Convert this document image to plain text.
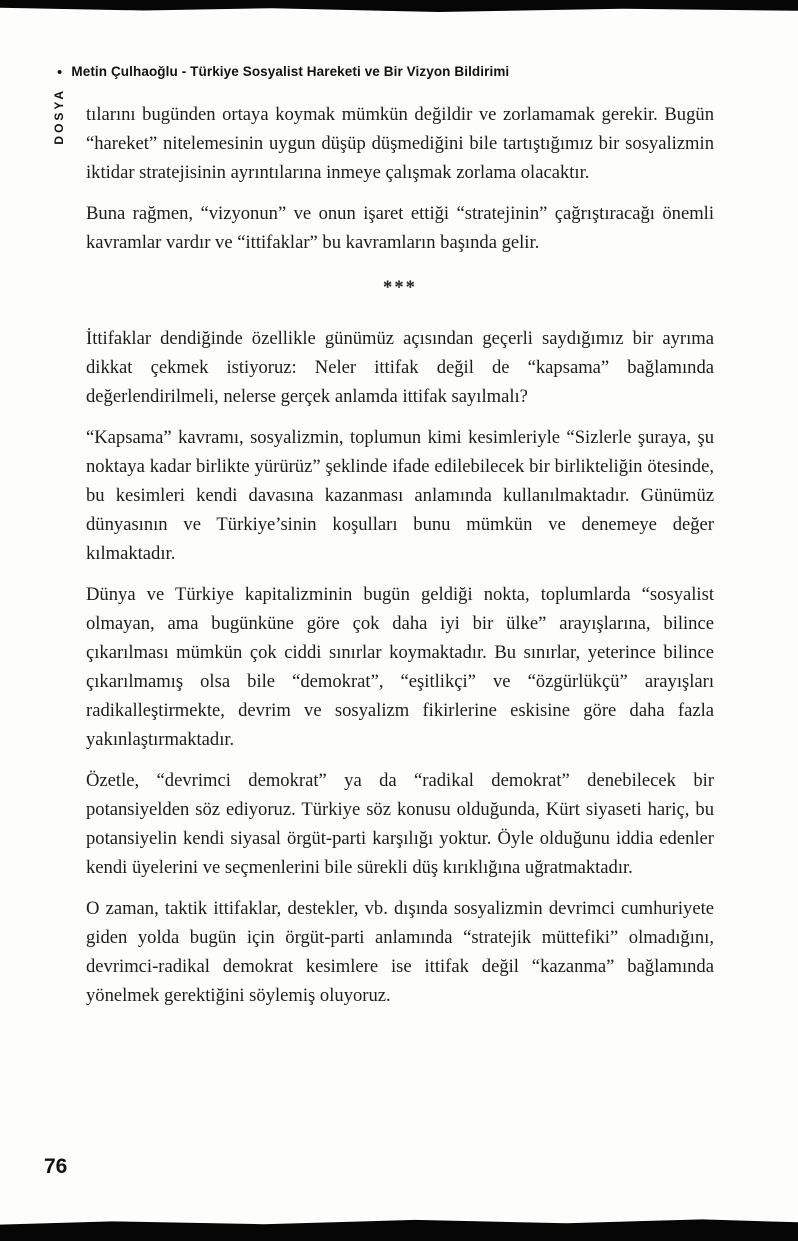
• Metin Çulhaoğlu - Türkiye Sosyalist Hareketi ve Bir Vizyon Bildirimi
DOSYA tılarını bugünden ortaya koymak mümkün değildir ve zorlamamak gerekir. Bugün “hareket” nitelemesinin uygun düşüp düşmediğini bile tartıştığımız bir sosyalizmin iktidar stratejisinin ayrıntılarına inmeye çalışmak zorlama olacaktır.

Buna rağmen, “vizyonun” ve onun işaret ettiği “stratejinin” çağrıştıracağı önemli kavramlar vardır ve “ittifaklar” bu kavramların başında gelir.

***

İttifaklar dendiğinde özellikle günümüz açısından geçerli saydığımız bir ayrıma dikkat çekmek istiyoruz: Neler ittifak değil de “kapsama” bağlamında değerlendirilmeli, nelerse gerçek anlamda ittifak sayılmalı?

“Kapsama” kavramı, sosyalizmin, toplumun kimi kesimleriyle “Sizlerle şuraya, şu noktaya kadar birlikte yürürüz” şeklinde ifade edilebilecek bir birlikteliğin ötesinde, bu kesimleri kendi davasına kazanması anlamında kullanılmaktadır. Günümüz dünyasının ve Türkiye’sinin koşulları bunu mümkün ve denemeye değer kılmaktadır.

Dünya ve Türkiye kapitalizminin bugün geldiği nokta, toplumlarda “sosyalist olmayan, ama bugünküne göre çok daha iyi bir ülke” arayışlarına, bilince çıkarılması mümkün çok ciddi sınırlar koymaktadır. Bu sınırlar, yeterince bilince çıkarılmamış olsa bile “demokrat”, “eşitlikçi” ve “özgürlükçü” arayışları radikalleştirmekte, devrim ve sosyalizm fikirlerine eskisine göre daha fazla yakınlaştırmaktadır.

Özetle, “devrimci demokrat” ya da “radikal demokrat” denebilecek bir potansiyelden söz ediyoruz. Türkiye söz konusu olduğunda, Kürt siyaseti hariç, bu potansiyelin kendi siyasal örgüt-parti karşılığı yoktur. Öyle olduğunu iddia edenler kendi üyelerini ve seçmenlerini bile sürekli düş kırıklığına uğratmaktadır.

O zaman, taktik ittifaklar, destekler, vb. dışında sosyalizmin devrimci cumhuriyete giden yolda bugün için örgüt-parti anlamında “stratejik müttefiki” olmadığını, devrimci-radikal demokrat kesimlere ise ittifak değil “kazanma” bağlamında yönelmek gerektiğini söylemiş oluyoruz.

76
